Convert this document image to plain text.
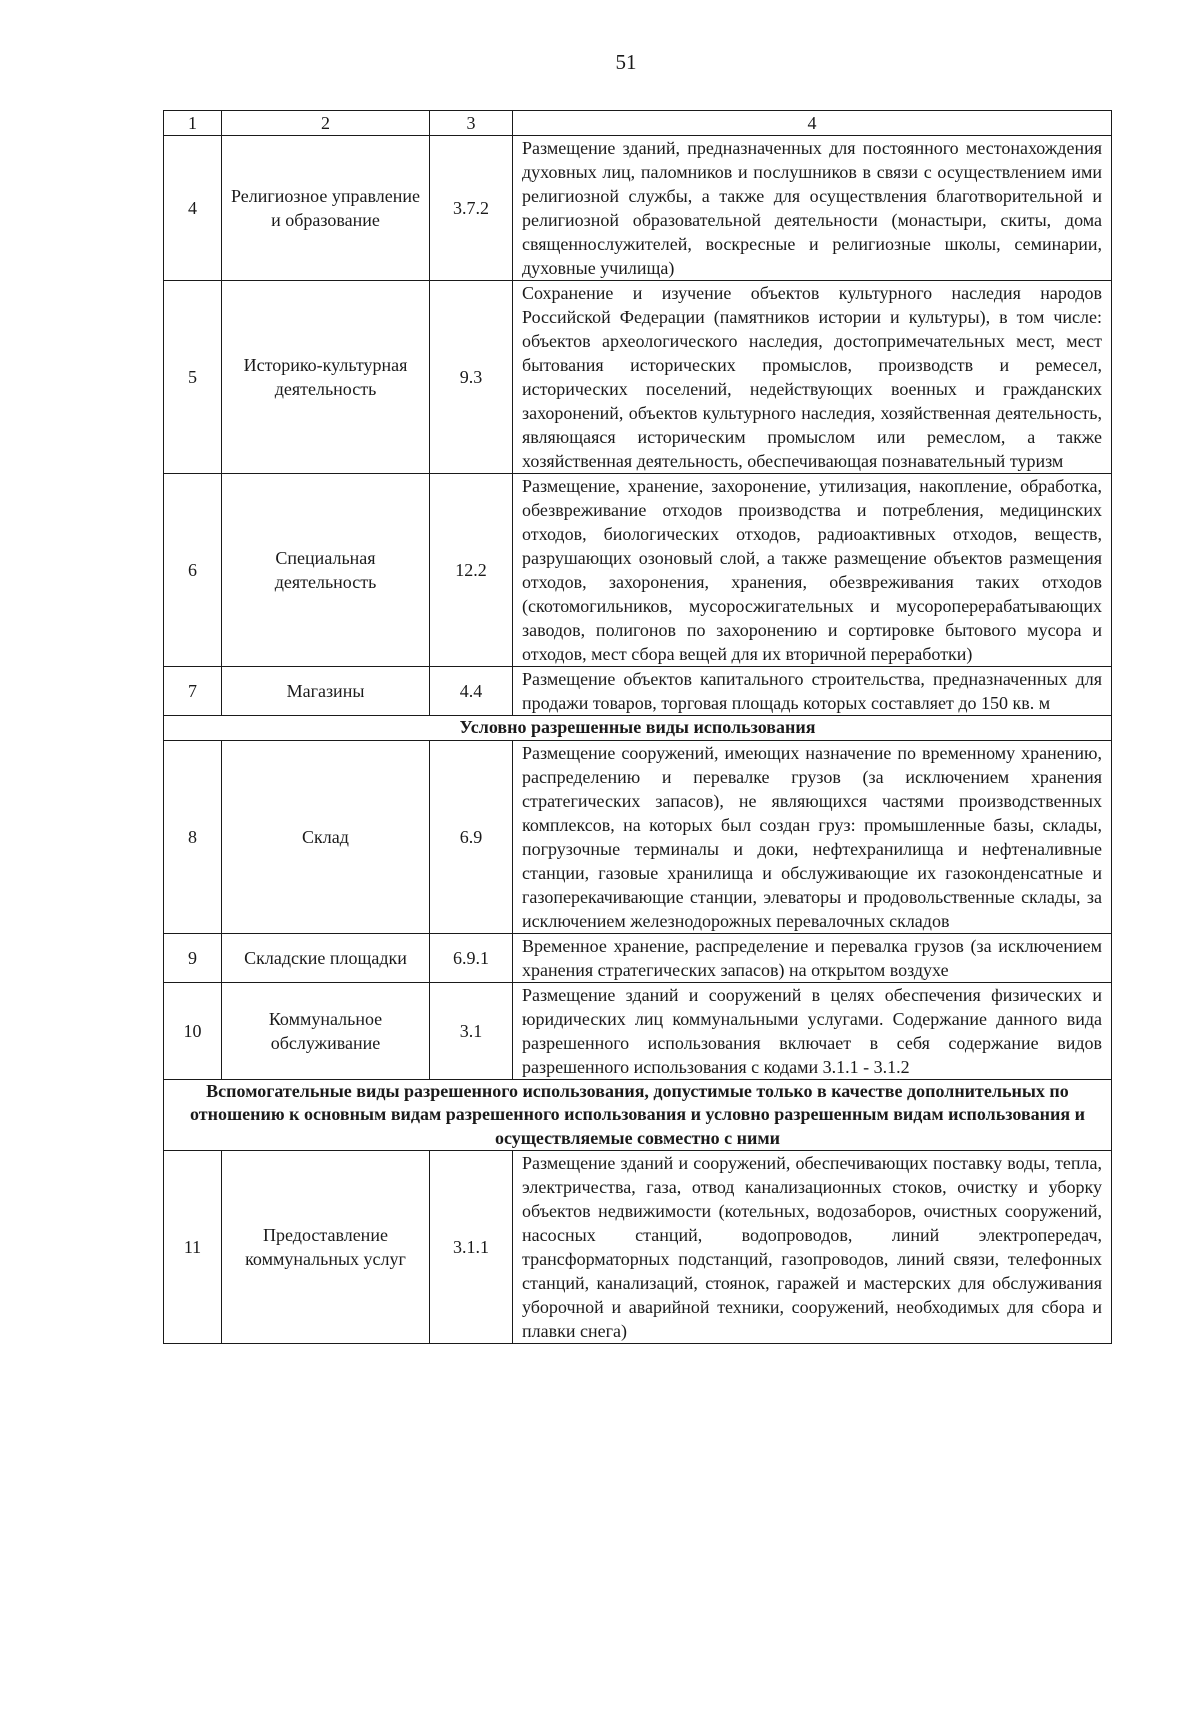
51
1	2	3	4
4	Религиозное управление и образование	3.7.2	Размещение зданий, предназначенных для постоянного местонахождения духовных лиц, паломников и послушников в связи с осуществлением ими религиозной службы, а также для осуществления благотворительной и религиозной образовательной деятельности (монастыри, скиты, дома священнослужителей, воскресные и религиозные школы, семинарии, духовные училища)
5	Историко-культурная деятельность	9.3	Сохранение и изучение объектов культурного наследия народов Российской Федерации (памятников истории и культуры), в том числе: объектов археологического наследия, достопримечательных мест, мест бытования исторических промыслов, производств и ремесел, исторических поселений, недействующих военных и гражданских захоронений, объектов культурного наследия, хозяйственная деятельность, являющаяся историческим промыслом или ремеслом, а также хозяйственная деятельность, обеспечивающая познавательный туризм
6	Специальная деятельность	12.2	Размещение, хранение, захоронение, утилизация, накопление, обработка, обезвреживание отходов производства и потребления, медицинских отходов, биологических отходов, радиоактивных отходов, веществ, разрушающих озоновый слой, а также размещение объектов размещения отходов, захоронения, хранения, обезвреживания таких отходов (скотомогильников, мусоросжигательных и мусороперерабатывающих заводов, полигонов по захоронению и сортировке бытового мусора и отходов, мест сбора вещей для их вторичной переработки)
7	Магазины	4.4	Размещение объектов капитального строительства, предназначенных для продажи товаров, торговая площадь которых составляет до 150 кв. м
Условно разрешенные виды использования			
8	Склад	6.9	Размещение сооружений, имеющих назначение по временному хранению, распределению и перевалке грузов (за исключением хранения стратегических запасов), не являющихся частями производственных комплексов, на которых был создан груз: промышленные базы, склады, погрузочные терминалы и доки, нефтехранилища и нефтеналивные станции, газовые хранилища и обслуживающие их газоконденсатные и газоперекачивающие станции, элеваторы и продовольственные склады, за исключением железнодорожных перевалочных складов
9	Складские площадки	6.9.1	Временное хранение, распределение и перевалка грузов (за исключением хранения стратегических запасов) на открытом воздухе
10	Коммунальное обслуживание	3.1	Размещение зданий и сооружений в целях обеспечения физических и юридических лиц коммунальными услугами. Содержание данного вида разрешенного использования включает в себя содержание видов разрешенного использования с кодами 3.1.1 - 3.1.2
Вспомогательные виды разрешенного использования, допустимые только в качестве дополнительных по отношению к основным видам разрешенного использования и условно разрешенным видам использования и осуществляемые совместно с ними			
11	Предоставление коммунальных услуг	3.1.1	Размещение зданий и сооружений, обеспечивающих поставку воды, тепла, электричества, газа, отвод канализационных стоков, очистку и уборку объектов недвижимости (котельных, водозаборов, очистных сооружений, насосных станций, водопроводов, линий электропередач, трансформаторных подстанций, газопроводов, линий связи, телефонных станций, канализаций, стоянок, гаражей и мастерских для обслуживания уборочной и аварийной техники, сооружений, необходимых для сбора и плавки снега)
